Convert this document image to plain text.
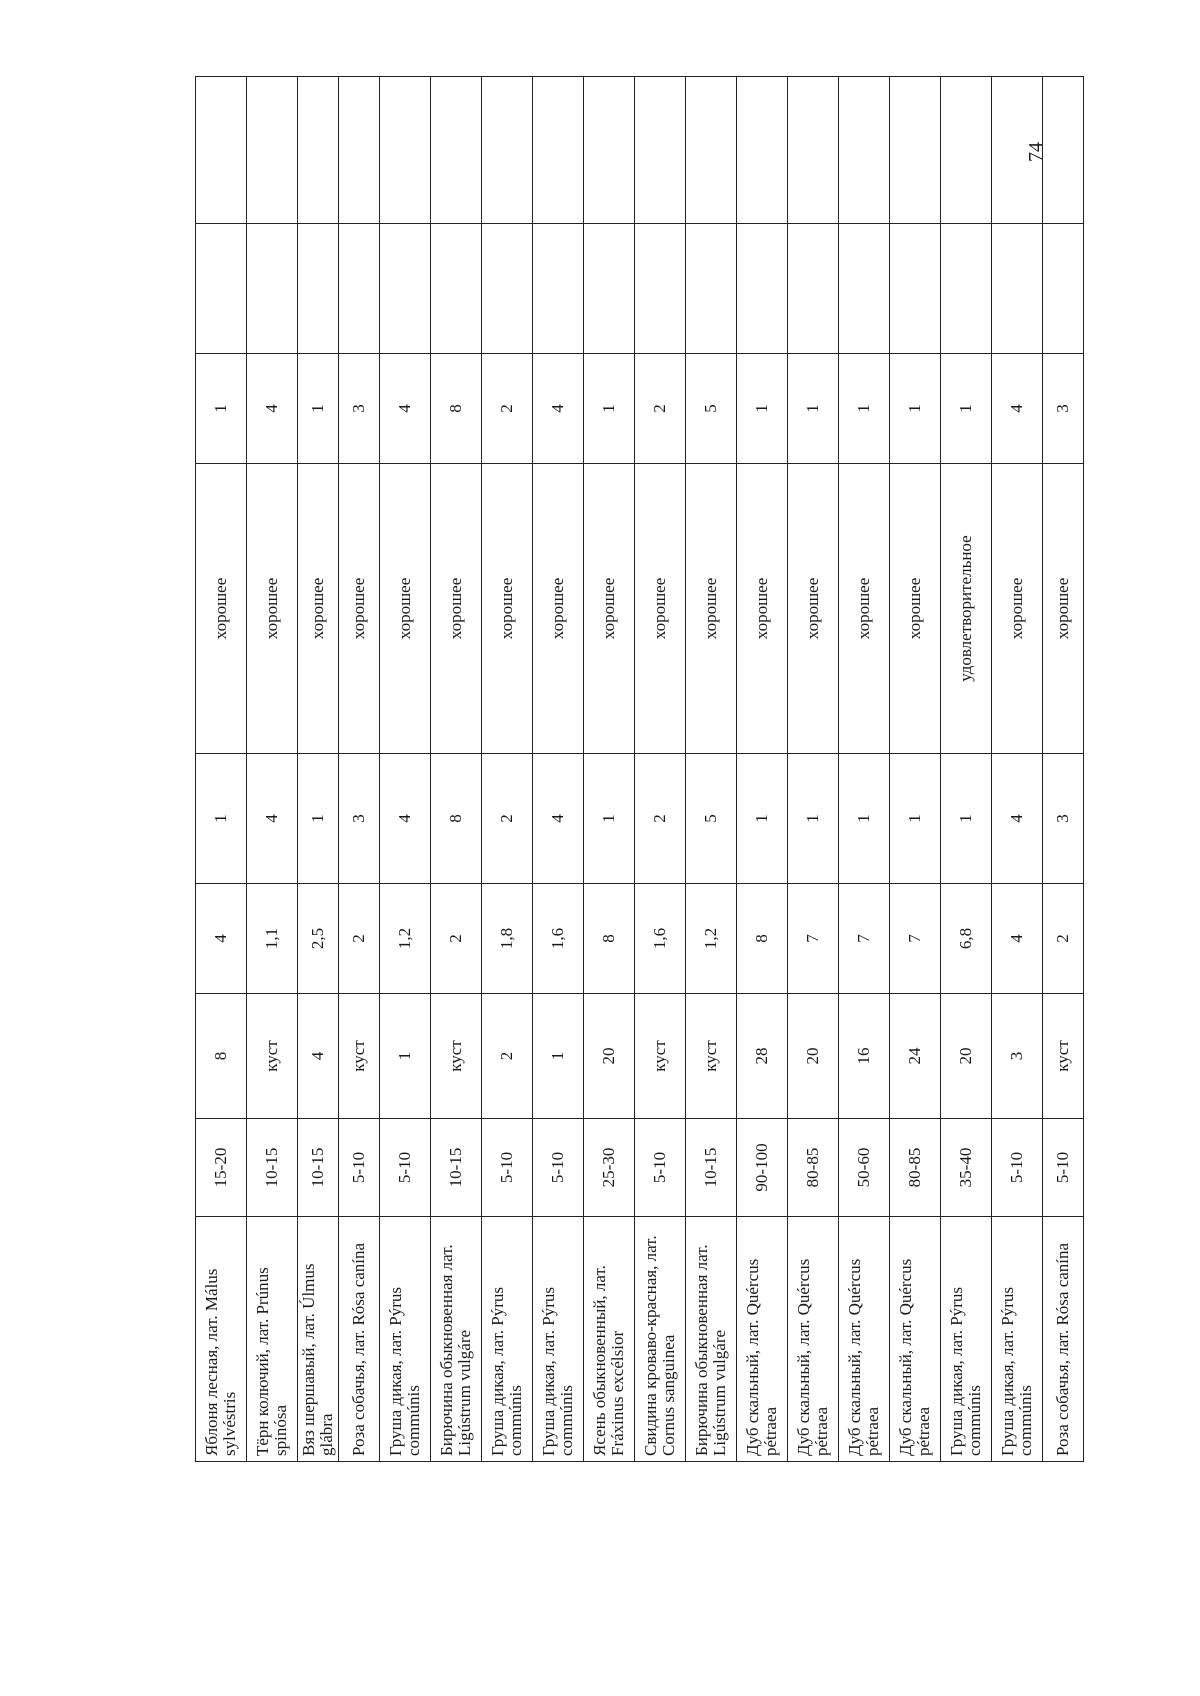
Яблоня лесная, лат. Málus sylvéstris	15-20	8	4	1	хорошее	1		
Тёрн колючий, лат. Prúnus spinósa	10-15	куст	1,1	4	хорошее	4		
Вяз шершавый, лат. Úlmus glábra	10-15	4	2,5	1	хорошее	1		
Роза собачья, лат. Rósa canína	5-10	куст	2	3	хорошее	3		
Груша дикая, лат. Pýrus commúnis	5-10	1	1,2	4	хорошее	4		
Бирючина обыкновенная лат. Ligústrum vulgáre	10-15	куст	2	8	хорошее	8		
Груша дикая, лат. Pýrus commúnis	5-10	2	1,8	2	хорошее	2		
Груша дикая, лат. Pýrus commúnis	5-10	1	1,6	4	хорошее	4		
Ясень обыкновенный, лат. Fráxinus excélsior	25-30	20	8	1	хорошее	1		
Свидина кроваво-красная, лат. Cornus sanguinea	5-10	куст	1,6	2	хорошее	2		
Бирючина обыкновенная лат. Ligústrum vulgáre	10-15	куст	1,2	5	хорошее	5		
Дуб скальный, лат. Quércus pétraea	90-100	28	8	1	хорошее	1		
Дуб скальный, лат. Quércus pétraea	80-85	20	7	1	хорошее	1		
Дуб скальный, лат. Quércus pétraea	50-60	16	7	1	хорошее	1		
Дуб скальный, лат. Quércus pétraea	80-85	24	7	1	хорошее	1		
Груша дикая, лат. Pýrus commúnis	35-40	20	6,8	1	удовлетворительное	1		
Груша дикая, лат. Pýrus commúnis	5-10	3	4	4	хорошее	4		
Роза собачья, лат. Rósa canína	5-10	куст	2	3	хорошее	3		
74
